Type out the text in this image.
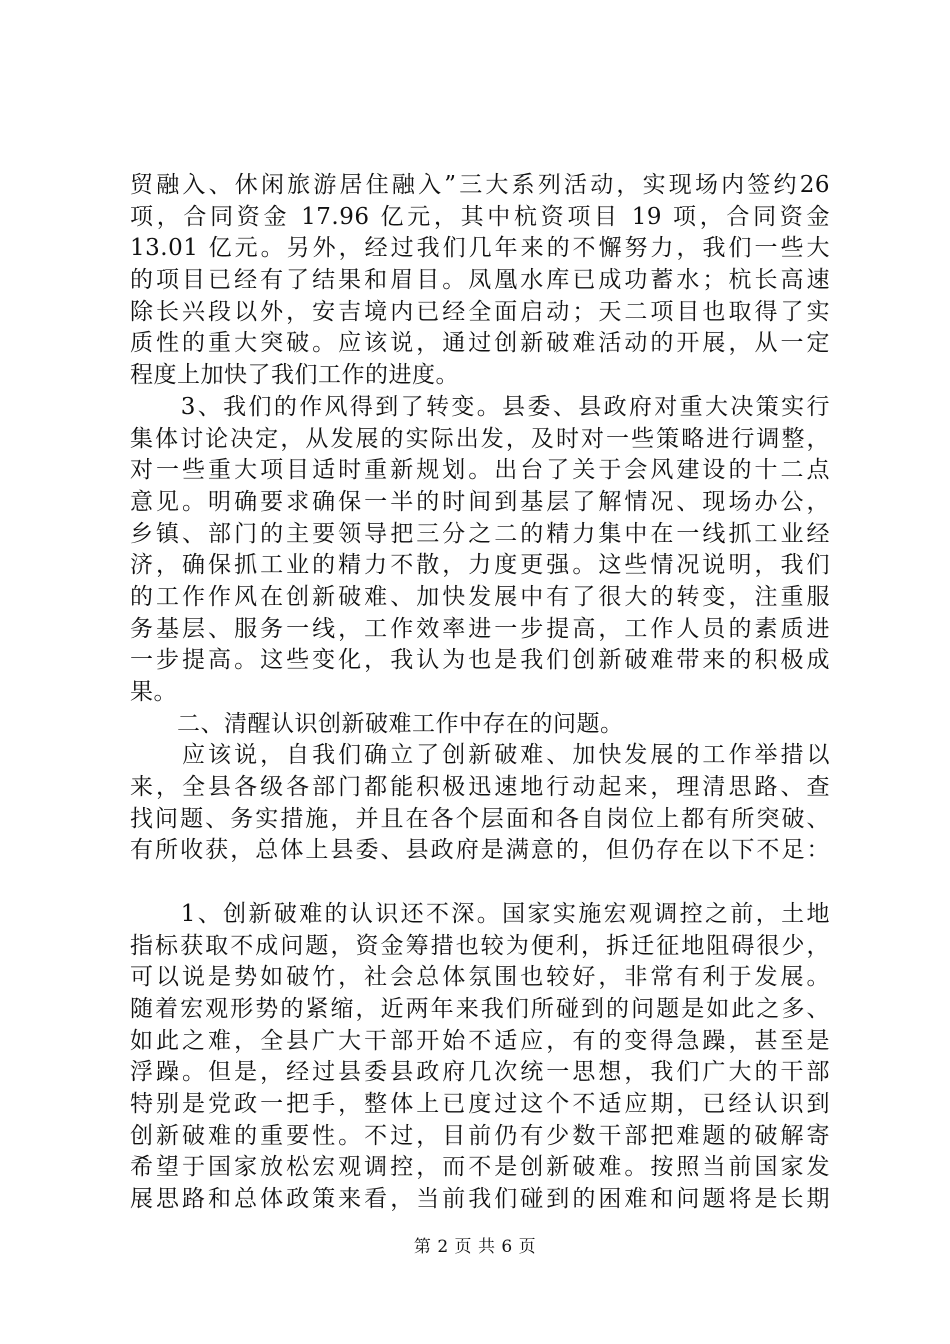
贸融入、休闲旅游居住融入”三大系列活动，实现场内签约26
项，合同资金 17.96 亿元，其中杭资项目 19 项，合同资金
13.01 亿元。另外，经过我们几年来的不懈努力，我们一些大
的项目已经有了结果和眉目。凤凰水库已成功蓄水；杭长高速
除长兴段以外，安吉境内已经全面启动；天二项目也取得了实
质性的重大突破。应该说，通过创新破难活动的开展，从一定
程度上加快了我们工作的进度。
　　3、我们的作风得到了转变。县委、县政府对重大决策实行
集体讨论决定，从发展的实际出发，及时对一些策略进行调整，
对一些重大项目适时重新规划。出台了关于会风建设的十二点
意见。明确要求确保一半的时间到基层了解情况、现场办公，
乡镇、部门的主要领导把三分之二的精力集中在一线抓工业经
济，确保抓工业的精力不散，力度更强。这些情况说明，我们
的工作作风在创新破难、加快发展中有了很大的转变，注重服
务基层、服务一线，工作效率进一步提高，工作人员的素质进
一步提高。这些变化，我认为也是我们创新破难带来的积极成
果。
　　二、清醒认识创新破难工作中存在的问题。
　　应该说，自我们确立了创新破难、加快发展的工作举措以
来，全县各级各部门都能积极迅速地行动起来，理清思路、查
找问题、务实措施，并且在各个层面和各自岗位上都有所突破、
有所收获，总体上县委、县政府是满意的，但仍存在以下不足：
　　1、创新破难的认识还不深。国家实施宏观调控之前，土地
指标获取不成问题，资金筹措也较为便利，拆迁征地阻碍很少，
可以说是势如破竹，社会总体氛围也较好，非常有利于发展。
随着宏观形势的紧缩，近两年来我们所碰到的问题是如此之多、
如此之难，全县广大干部开始不适应，有的变得急躁，甚至是
浮躁。但是，经过县委县政府几次统一思想，我们广大的干部
特别是党政一把手，整体上已度过这个不适应期，已经认识到
创新破难的重要性。不过，目前仍有少数干部把难题的破解寄
希望于国家放松宏观调控，而不是创新破难。按照当前国家发
展思路和总体政策来看，当前我们碰到的困难和问题将是长期
第 2 页 共 6 页
